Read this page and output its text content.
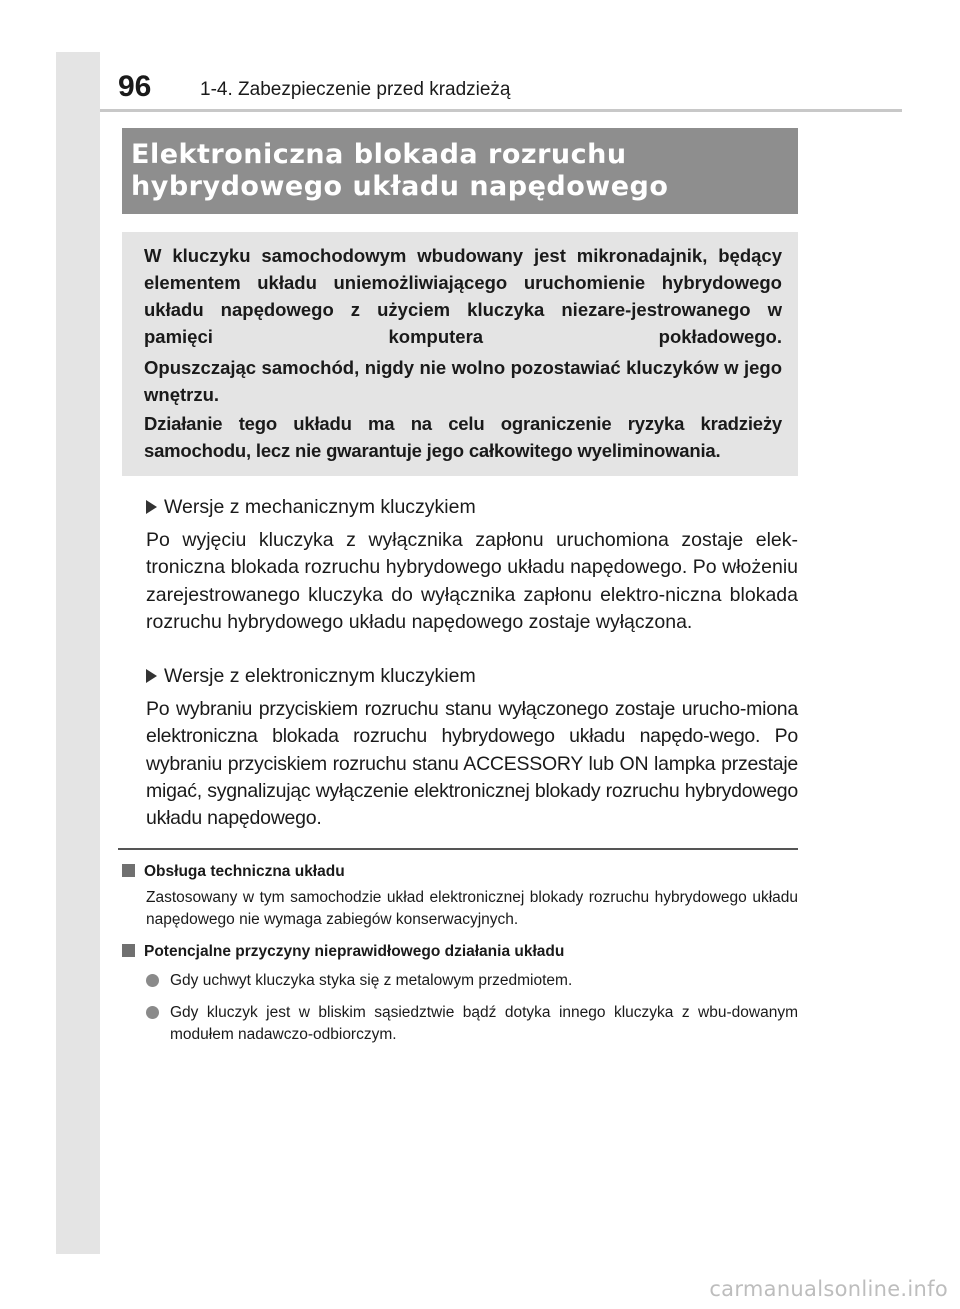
96	1-4. Zabezpieczenie przed kradzieżą
Elektroniczna blokada rozruchu
hybrydowego układu napędowego
W kluczyku samochodowym wbudowany jest mikronadajnik, będący elementem układu uniemożliwiającego uruchomienie hybrydowego układu napędowego z użyciem kluczyka niezare-jestrowanego w pamięci komputera pokładowego.
Opuszczając samochód, nigdy nie wolno pozostawiać kluczyków w jego wnętrzu.
Działanie tego układu ma na celu ograniczenie ryzyka kradzieży samochodu, lecz nie gwarantuje jego całkowitego wyeliminowania.
Wersje z mechanicznym kluczykiem
Po wyjęciu kluczyka z wyłącznika zapłonu uruchomiona zostaje elek-troniczna blokada rozruchu hybrydowego układu napędowego. Po włożeniu zarejestrowanego kluczyka do wyłącznika zapłonu elektro-niczna blokada rozruchu hybrydowego układu napędowego zostaje wyłączona.
Wersje z elektronicznym kluczykiem
Po wybraniu przyciskiem rozruchu stanu wyłączonego zostaje urucho-miona elektroniczna blokada rozruchu hybrydowego układu napędo-wego. Po wybraniu przyciskiem rozruchu stanu ACCESSORY lub ON lampka przestaje migać, sygnalizując wyłączenie elektronicznej blokady rozruchu hybrydowego układu napędowego.
Obsługa techniczna układu
Zastosowany w tym samochodzie układ elektronicznej blokady rozruchu hybrydowego układu napędowego nie wymaga zabiegów konserwacyjnych.
Potencjalne przyczyny nieprawidłowego działania układu
Gdy uchwyt kluczyka styka się z metalowym przedmiotem.
Gdy kluczyk jest w bliskim sąsiedztwie bądź dotyka innego kluczyka z wbu-dowanym modułem nadawczo-odbiorczym.
carmanualsonline.info
